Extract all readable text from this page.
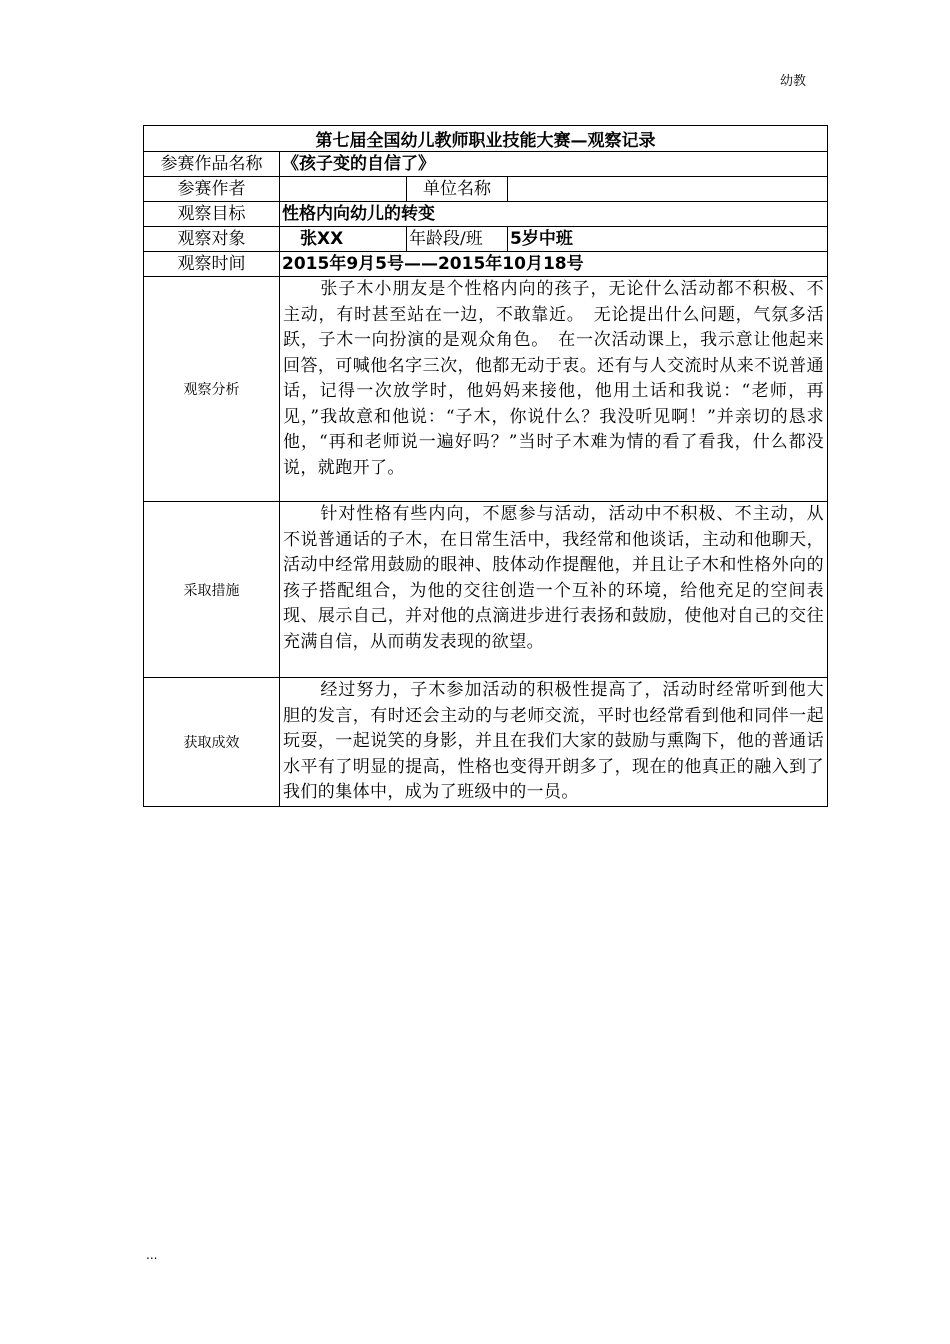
幼教
第七届全国幼儿教师职业技能大赛—观察记录			
参赛作品名称	《孩子变的自信了》		
参赛作者		单位名称	
观察目标	性格内向幼儿的转变		
观察对象	张XX	年龄段/班	5岁中班
观察时间	2015年9月5号——2015年10月18号		
观察分析	张子木小朋友是个性格内向的孩子，无论什么活动都不积极、不主动，有时甚至站在一边，不敢靠近。　无论提出什么问题，气氛多活跃，子木一向扮演的是观众角色。　在一次活动课上，我示意让他起来回答，可喊他名字三次，他都无动于衷。还有与人交流时从来不说普通话，记得一次放学时，他妈妈来接他，他用土话和我说：“老师，再见，”我故意和他说：“子木，你说什么？我没听见啊！”并亲切的恳求他，“再和老师说一遍好吗？”当时子木难为情的看了看我，什么都没说，就跑开了。		
采取措施	针对性格有些内向，不愿参与活动，活动中不积极、不主动，从不说普通话的子木，在日常生活中，我经常和他谈话，主动和他聊天，活动中经常用鼓励的眼神、肢体动作提醒他，并且让子木和性格外向的孩子搭配组合，为他的交往创造一个互补的环境，给他充足的空间表现、展示自己，并对他的点滴进步进行表扬和鼓励，使他对自己的交往充满自信，从而萌发表现的欲望。		
获取成效	经过努力，子木参加活动的积极性提高了，活动时经常听到他大胆的发言，有时还会主动的与老师交流，平时也经常看到他和同伴一起玩耍，一起说笑的身影，并且在我们大家的鼓励与熏陶下，他的普通话水平有了明显的提高，性格也变得开朗多了，现在的他真正的融入到了我们的集体中，成为了班级中的一员。		
...
